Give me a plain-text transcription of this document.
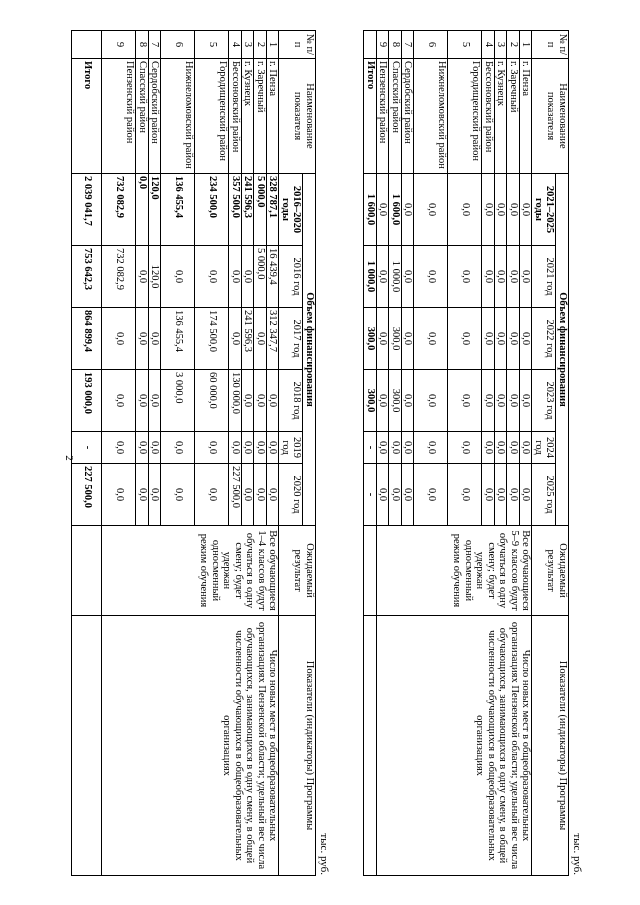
2
тыс. руб.
№ п/п	Наименование показателя	Объем финансирования						Ожидаемый результат	Показатели (индикаторы) Программы
		2016–2020 годы	2016 год	2017 год	2018 год	2019 год	2020 год		
1	г. Пенза	328 787,1	16 439,4	312 347,7	0,0	0,0	0,0	Все обучающиеся 1–4 классов будут обучаться в одну смену; будет удержан односменный режим обучения	Число новых мест в общеобразовательных организациях Пензенской области; удельный вес числа обучающихся, занимающихся в одну смену, в общей численности обучающихся в общеобразовательных организациях
2	г. Заречный	5 000,0	5 000,0	0,0	0,0	0,0	0,0		
3	г. Кузнецк	241 596,3	0,0	241 596,3	0,0	0,0	0,0		
4	Бессоновский район	357 500,0	0,0	0,0	130 000,0	0,0	227 500,0		
5	Городищенский район	234 500,0	0,0	174 500,0	60 000,0	0,0	0,0		
6	Нижнеломовский район	136 455,4	0,0	136 455,4	3 000,0	0,0	0,0		
7	Сердобский район	120,0	120,0	0,0	0,0	0,0	0,0		
8	Спасский район	0,0	0,0	0,0	0,0	0,0	0,0		
9	Пензенский район	732 082,9	732 082,9	0,0	0,0	0,0	0,0		
	Итого	2 039 041,7	753 642,3	864 899,4	193 000,0	-	227 500,0		
тыс. руб.
№ п/п	Наименование показателя	Объем финансирования						Ожидаемый результат	Показатели (индикаторы) Программы
		2021–2025 годы	2021 год	2022 год	2023 год	2024 год	2025 год		
1	г. Пенза	0,0	0,0	0,0	0,0	0,0	0,0	Все обучающиеся 5–9 классов будут обучаться в одну смену; будет удержан односменный режим обучения	Число новых мест в общеобразовательных организациях Пензенской области; удельный вес числа обучающихся, занимающихся в одну смену, в общей численности обучающихся в общеобразовательных организациях
2	г. Заречный	0,0	0,0	0,0	0,0	0,0	0,0		
3	г. Кузнецк	0,0	0,0	0,0	0,0	0,0	0,0		
4	Бессоновский район	0,0	0,0	0,0	0,0	0,0	0,0		
5	Городищенский район	0,0	0,0	0,0	0,0	0,0	0,0		
6	Нижнеломовский район	0,0	0,0	0,0	0,0	0,0	0,0		
7	Сердобский район	0,0	0,0	0,0	0,0	0,0	0,0		
8	Спасский район	1 600,0	1 000,0	300,0	300,0	0,0	0,0		
9	Пензенский район	0,0	0,0	0,0	0,0	0,0	0,0		
	Итого	1 600,0	1 000,0	300,0	300,0	-	-		
